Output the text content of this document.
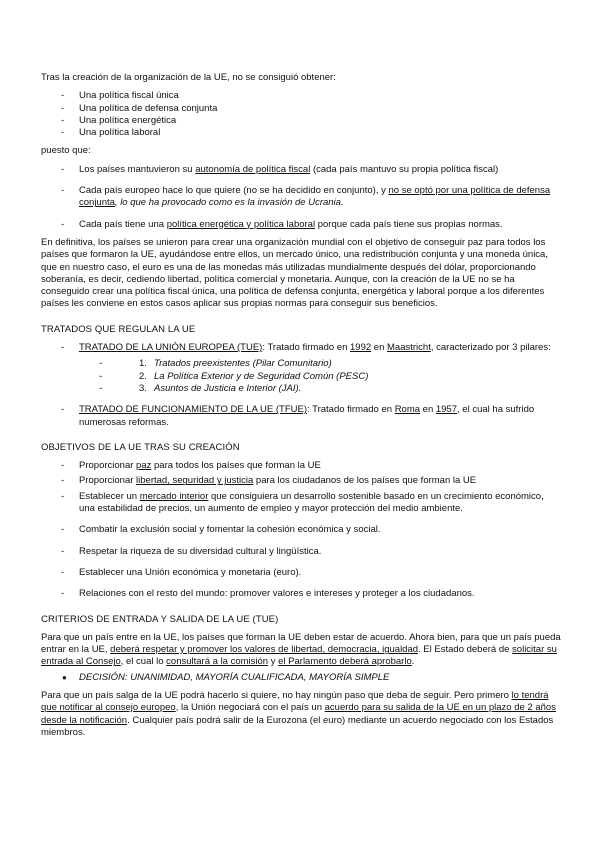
Tras la creación de la organización de la UE, no se consiguió obtener:

- Una política fiscal única
- Una política de defensa conjunta
- Una política energética
- Una política laboral

puesto que:

- Los países mantuvieron su autonomía de política fiscal (cada país mantuvo su propia política fiscal)
- Cada país europeo hace lo que quiere (no se ha decidido en conjunto), y no se optó por una política de defensa conjunta, lo que ha provocado como es la invasión de Ucrania.
- Cada país tiene una política energética y política laboral porque cada país tiene sus propias normas.

En definitiva, los países se unieron para crear una organización mundial con el objetivo de conseguir paz para todos los países que formaron la UE, ayudándose entre ellos, un mercado único, una redistribución conjunta y una moneda única, que en nuestro caso, el euro es una de las monedas más utilizadas mundialmente después del dólar, proporcionando soberanía, es decir, cediendo libertad, política comercial y monetaria. Aunque, con la creación de la UE no se ha conseguido crear una política fiscal única, una política de defensa conjunta, energética y laboral porque a los diferentes países les conviene en estos casos aplicar sus propias normas para conseguir sus beneficios.

TRATADOS QUE REGULAN LA UE

- TRATADO DE LA UNIÓN EUROPEA (TUE): Tratado firmado en 1992 en Maastricht, caracterizado por 3 pilares:
- 1. Tratados preexistentes (Pilar Comunitario)
- 2. La Política Exterior y de Seguridad Común (PESC)
- 3. Asuntos de Justicia e Interior (JAI).
- TRATADO DE FUNCIONAMIENTO DE LA UE (TFUE): Tratado firmado en Roma en 1957, el cual ha sufrido numerosas reformas.

OBJETIVOS DE LA UE TRAS SU CREACIÓN

- Proporcionar paz para todos los países que forman la UE
- Proporcionar libertad, seguridad y justicia para los ciudadanos de los países que forman la UE
- Establecer un mercado interior que consiguiera un desarrollo sostenible basado en un crecimiento económico, una estabilidad de precios, un aumento de empleo y mayor protección del medio ambiente.
- Combatir la exclusión social y fomentar la cohesión económica y social.
- Respetar la riqueza de su diversidad cultural y lingüística.
- Establecer una Unión económica y monetaria (euro).
- Relaciones con el resto del mundo: promover valores e intereses y proteger a los ciudadanos.

CRITERIOS DE ENTRADA Y SALIDA DE LA UE (TUE)

Para que un país entre en la UE, los países que forman la UE deben estar de acuerdo. Ahora bien, para que un país pueda entrar en la UE, deberá respetar y promover los valores de libertad, democracia, igualdad. El Estado deberá de solicitar su entrada al Consejo, el cual lo consultará a la comisión y el Parlamento deberá aprobarlo.

● DECISIÓN: UNANIMIDAD, MAYORÍA CUALIFICADA, MAYORÍA SIMPLE

Para que un país salga de la UE podrá hacerlo si quiere, no hay ningún paso que deba de seguir. Pero primero lo tendrá que notificar al consejo europeo, la Unión negociará con el país un acuerdo para su salida de la UE en un plazo de 2 años desde la notificación. Cualquier país podrá salir de la Eurozona (el euro) mediante un acuerdo negociado con los Estados miembros.
